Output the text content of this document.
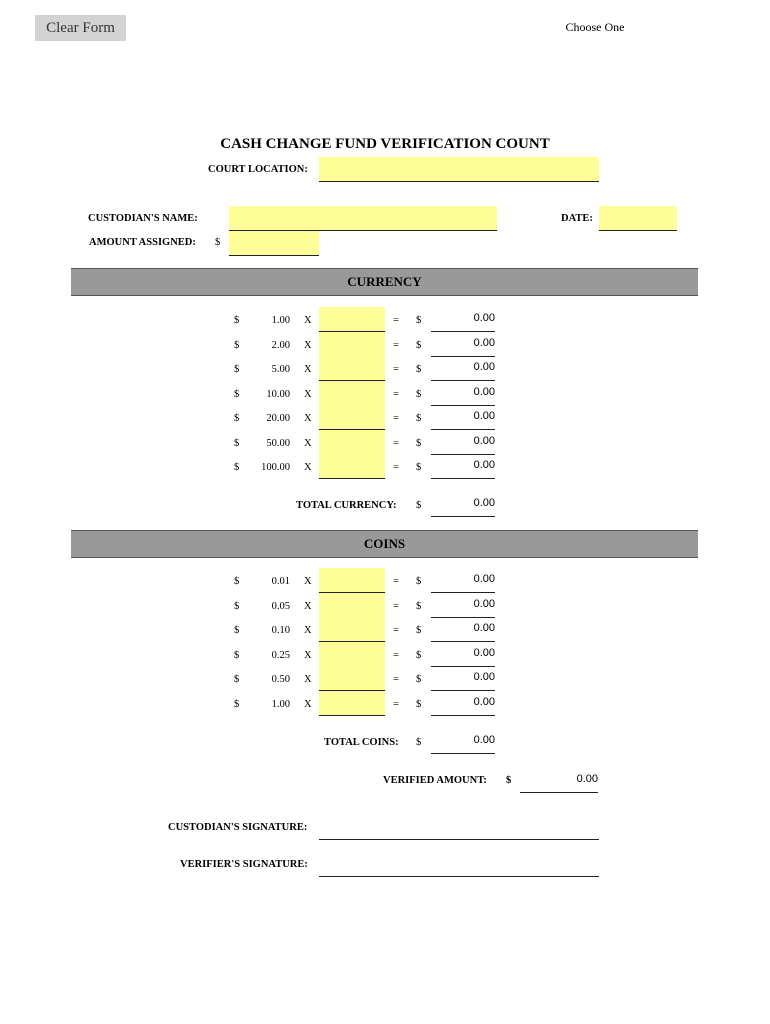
Clear Form	Choose One
CASH CHANGE FUND VERIFICATION COUNT
COURT LOCATION:
CUSTODIAN'S NAME:	DATE:
AMOUNT ASSIGNED: $
CURRENCY
$	1.00 X	= $	0.00
$	2.00 X	= $	0.00
$	5.00 X	= $	0.00
$	10.00 X	= $	0.00
$	20.00 X	= $	0.00
$	50.00 X	= $	0.00
$	100.00 X	= $	0.00
TOTAL CURRENCY: $	0.00
COINS
$	0.01 X	= $	0.00
$	0.05 X	= $	0.00
$	0.10 X	= $	0.00
$	0.25 X	= $	0.00
$	0.50 X	= $	0.00
$	1.00 X	= $	0.00
TOTAL COINS: $	0.00
VERIFIED AMOUNT: $	0.00
CUSTODIAN'S SIGNATURE:
VERIFIER'S SIGNATURE:
